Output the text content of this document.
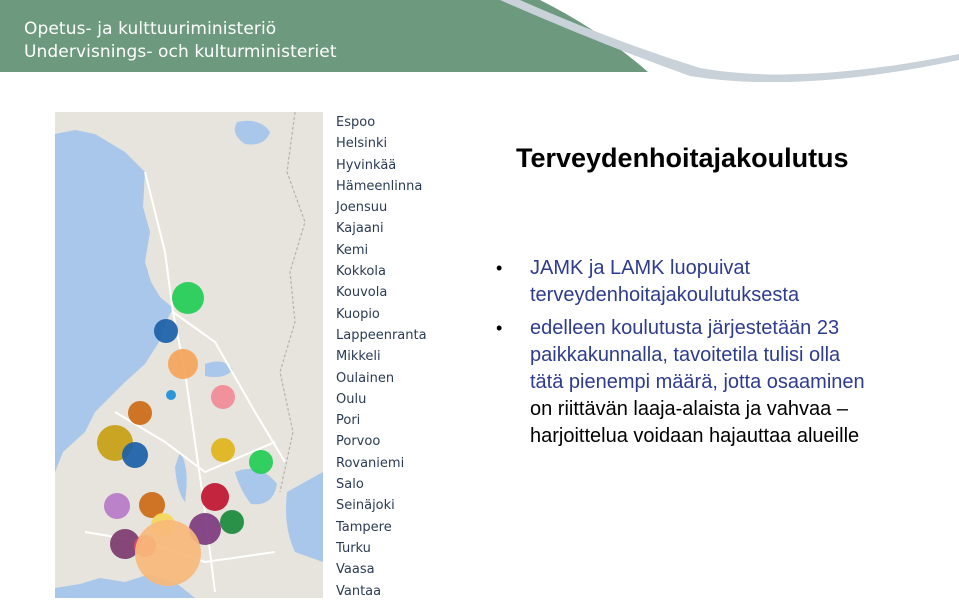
Opetus- ja kulttuuriministeriö
Undervisnings- och kulturministeriet
Espoo
Helsinki
Hyvinkää
Hämeenlinna
Joensuu
Kajaani
Kemi
Kokkola
Kouvola
Kuopio
Lappeenranta
Mikkeli
Oulainen
Oulu
Pori
Porvoo
Rovaniemi
Salo
Seinäjoki
Tampere
Turku
Vaasa
Vantaa
Terveydenhoitajakoulutus
• JAMK ja LAMK luopuivat
terveydenhoitajakoulutuksesta
• edelleen koulutusta järjestetään 23
paikkakunnalla, tavoitetila tulisi olla
tätä pienempi määrä, jotta osaaminen
on riittävän laaja-alaista ja vahvaa –
harjoittelua voidaan hajauttaa alueille
